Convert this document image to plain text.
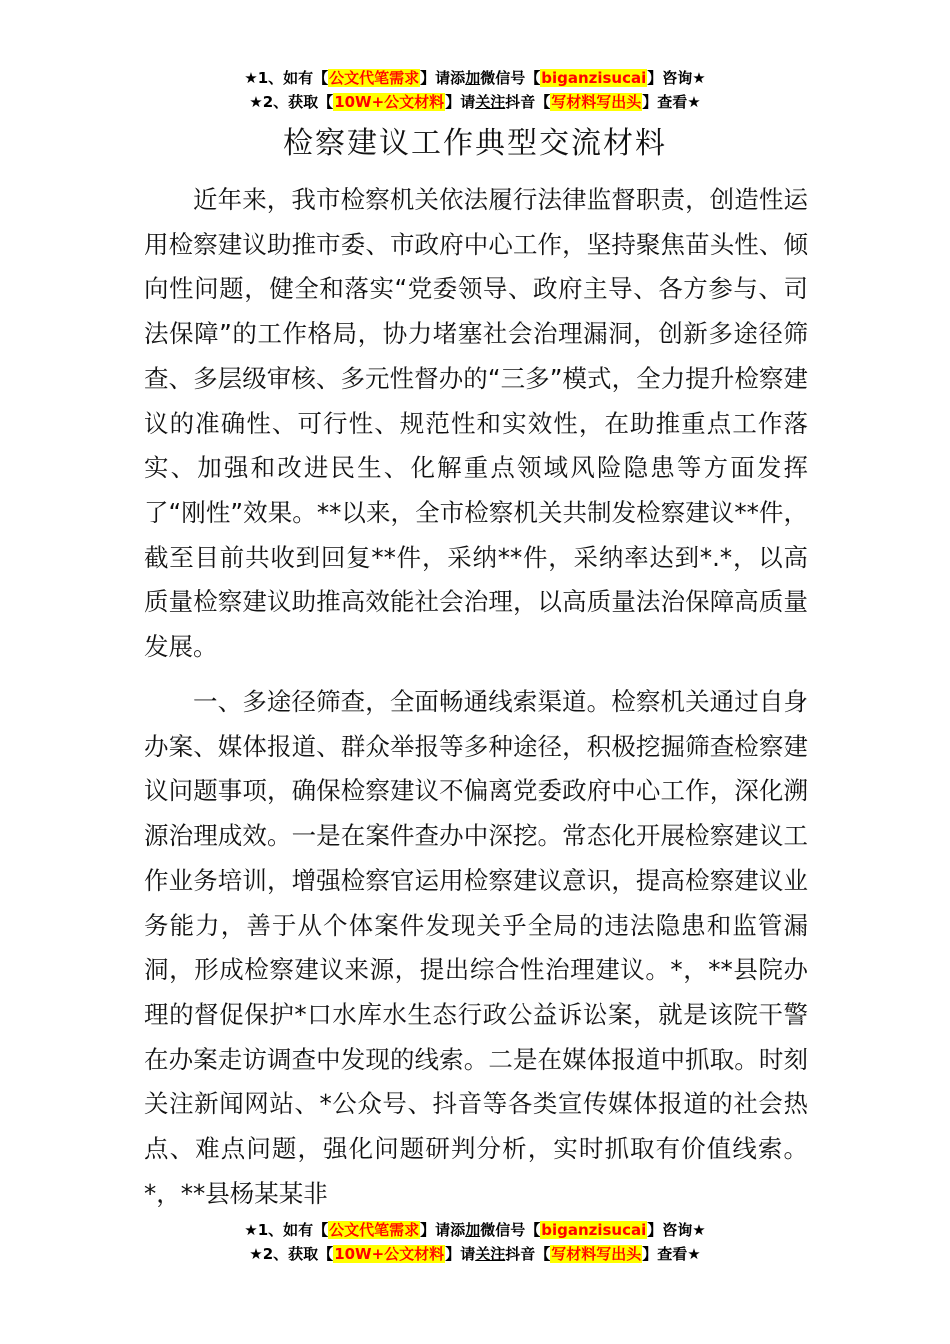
★1、如有【公文代笔需求】请添加微信号【biganzisucai】咨询★
★2、获取【10W+公文材料】请关注抖音【写材料写出头】查看★
检察建议工作典型交流材料

近年来，我市检察机关依法履行法律监督职责，创造性运用检察建议助推市委、市政府中心工作，坚持聚焦苗头性、倾向性问题，健全和落实“党委领导、政府主导、各方参与、司法保障”的工作格局，协力堵塞社会治理漏洞，创新多途径筛查、多层级审核、多元性督办的“三多”模式，全力提升检察建议的准确性、可行性、规范性和实效性，在助推重点工作落实、加强和改进民生、化解重点领域风险隐患等方面发挥了“刚性”效果。**以来，全市检察机关共制发检察建议**件，截至目前共收到回复**件，采纳**件，采纳率达到*.*，以高质量检察建议助推高效能社会治理，以高质量法治保障高质量发展。

一、多途径筛查，全面畅通线索渠道。检察机关通过自身办案、媒体报道、群众举报等多种途径，积极挖掘筛查检察建议问题事项，确保检察建议不偏离党委政府中心工作，深化溯源治理成效。一是在案件查办中深挖。常态化开展检察建议工作业务培训，增强检察官运用检察建议意识，提高检察建议业务能力，善于从个体案件发现关乎全局的违法隐患和监管漏洞，形成检察建议来源，提出综合性治理建议。*，**县院办理的督促保护*口水库水生态行政公益诉讼案，就是该院干警在办案走访调查中发现的线索。二是在媒体报道中抓取。时刻关注新闻网站、*公众号、抖音等各类宣传媒体报道的社会热点、难点问题，强化问题研判分析，实时抓取有价值线索。*，**县杨某某非

★1、如有【公文代笔需求】请添加微信号【biganzisucai】咨询★
★2、获取【10W+公文材料】请关注抖音【写材料写出头】查看★
